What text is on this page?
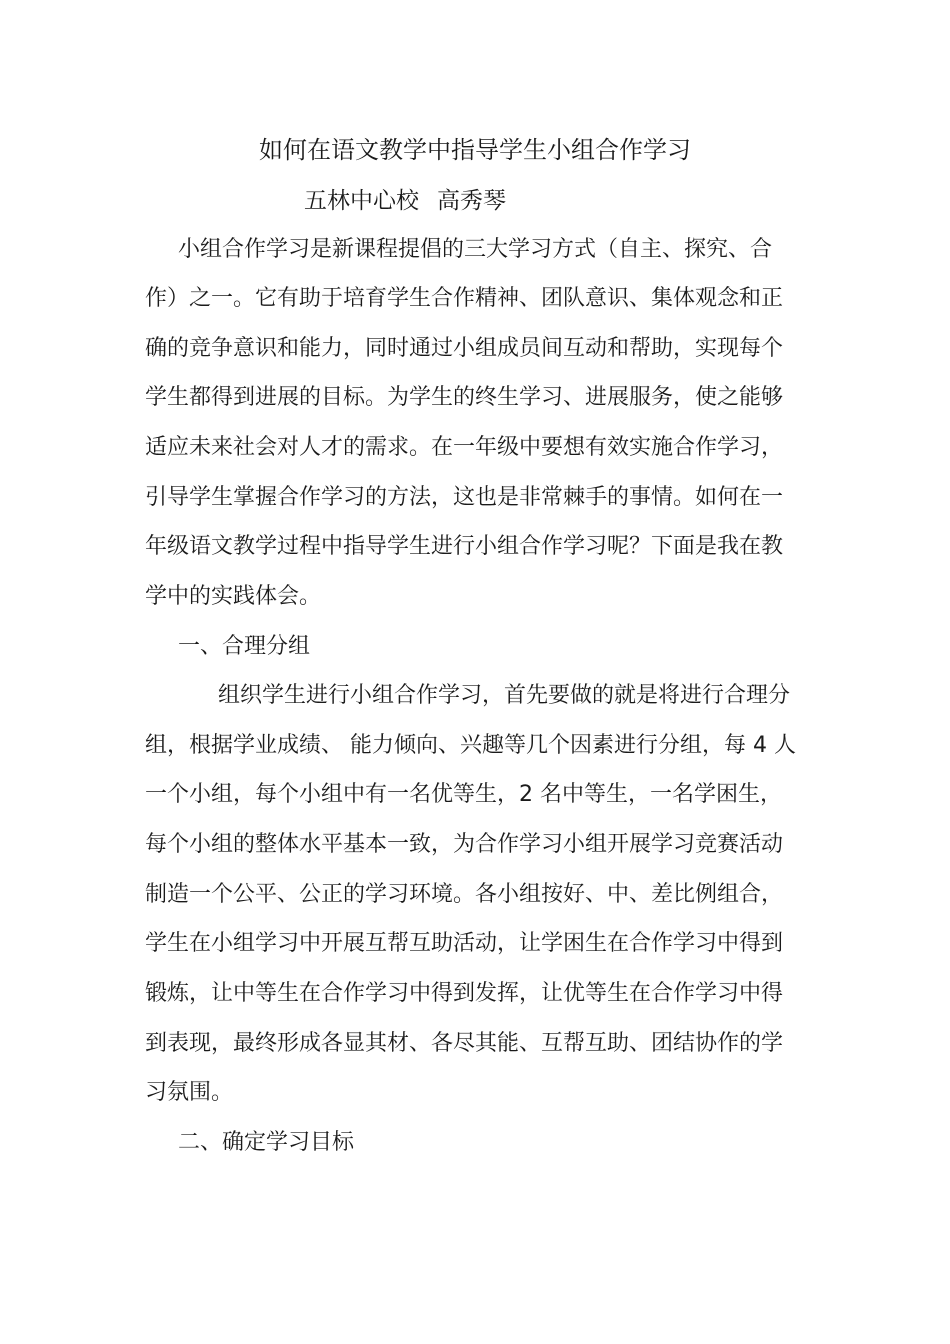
如何在语文教学中指导学生小组合作学习
五林中心校 高秀琴
小组合作学习是新课程提倡的三大学习方式（自主、探究、合
作）之一。它有助于培育学生合作精神、团队意识、集体观念和正
确的竞争意识和能力，同时通过小组成员间互动和帮助，实现每个
学生都得到进展的目标。为学生的终生学习、进展服务，使之能够
适应未来社会对人才的需求。在一年级中要想有效实施合作学习，
引导学生掌握合作学习的方法，这也是非常棘手的事情。如何在一
年级语文教学过程中指导学生进行小组合作学习呢？下面是我在教
学中的实践体会。
一、合理分组
组织学生进行小组合作学习，首先要做的就是将进行合理分
组，根据学业成绩、 能力倾向、兴趣等几个因素进行分组，每 4 人
一个小组，每个小组中有一名优等生，2 名中等生，一名学困生，
每个小组的整体水平基本一致，为合作学习小组开展学习竞赛活动
制造一个公平、公正的学习环境。各小组按好、中、差比例组合，
学生在小组学习中开展互帮互助活动，让学困生在合作学习中得到
锻炼，让中等生在合作学习中得到发挥，让优等生在合作学习中得
到表现，最终形成各显其材、各尽其能、互帮互助、团结协作的学
习氛围。
二、确定学习目标
